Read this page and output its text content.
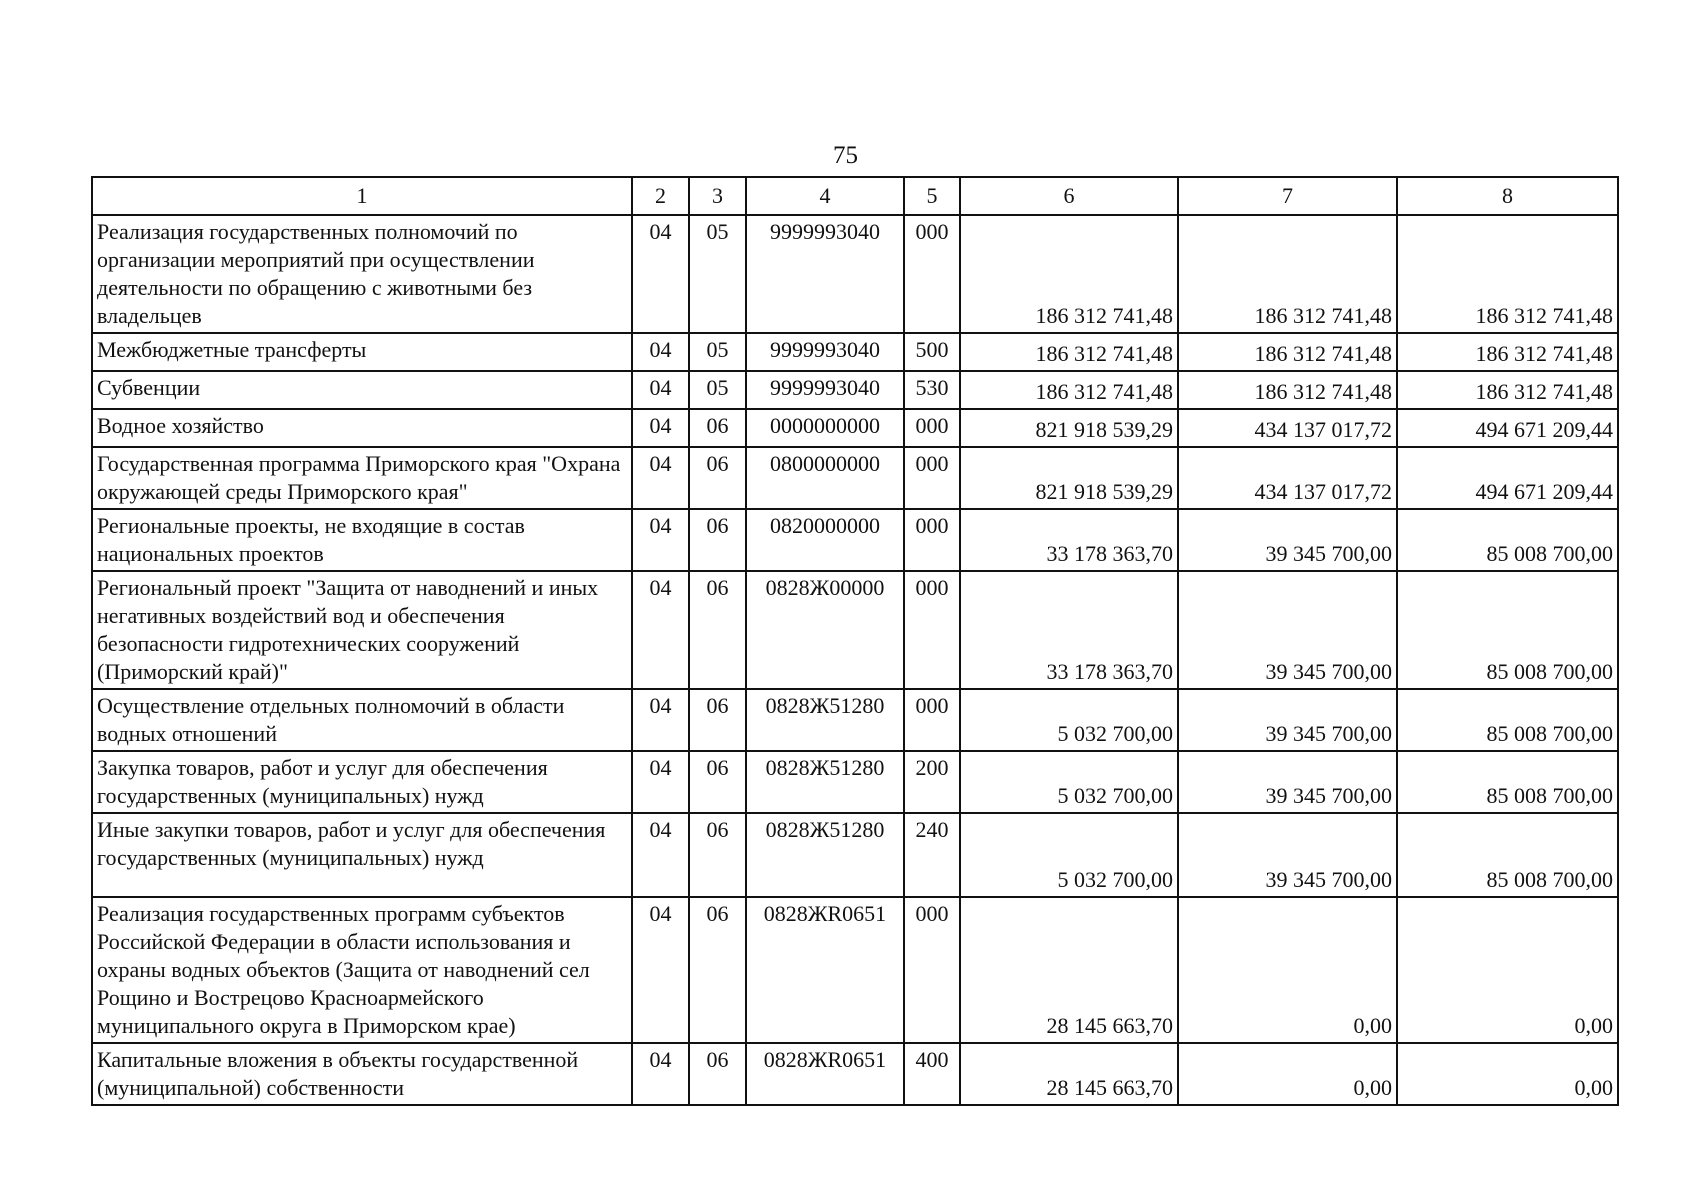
75
1	2	3	4	5	6	7	8
Реализация государственных полномочий по организации мероприятий при осуществлении деятельности по обращению с животными без владельцев	04	05	9999993040	000	186 312 741,48	186 312 741,48	186 312 741,48
Межбюджетные трансферты	04	05	9999993040	500	186 312 741,48	186 312 741,48	186 312 741,48
Субвенции	04	05	9999993040	530	186 312 741,48	186 312 741,48	186 312 741,48
Водное хозяйство	04	06	0000000000	000	821 918 539,29	434 137 017,72	494 671 209,44
Государственная программа Приморского края "Охрана окружающей среды Приморского края"	04	06	0800000000	000	821 918 539,29	434 137 017,72	494 671 209,44
Региональные проекты, не входящие в состав национальных проектов	04	06	0820000000	000	33 178 363,70	39 345 700,00	85 008 700,00
Региональный проект "Защита от наводнений и иных негативных воздействий вод и обеспечения безопасности гидротехнических сооружений (Приморский край)"	04	06	0828Ж00000	000	33 178 363,70	39 345 700,00	85 008 700,00
Осуществление отдельных полномочий в области водных отношений	04	06	0828Ж51280	000	5 032 700,00	39 345 700,00	85 008 700,00
Закупка товаров, работ и услуг для обеспечения государственных (муниципальных) нужд	04	06	0828Ж51280	200	5 032 700,00	39 345 700,00	85 008 700,00
Иные закупки товаров, работ и услуг для обеспечения государственных (муниципальных) нужд	04	06	0828Ж51280	240	5 032 700,00	39 345 700,00	85 008 700,00
Реализация государственных программ субъектов Российской Федерации в области использования и охраны водных объектов (Защита от наводнений сел Рощино и Вострецово Красноармейского муниципального округа в Приморском крае)	04	06	0828ЖR0651	000	28 145 663,70	0,00	0,00
Капитальные вложения в объекты государственной (муниципальной) собственности	04	06	0828ЖR0651	400	28 145 663,70	0,00	0,00
